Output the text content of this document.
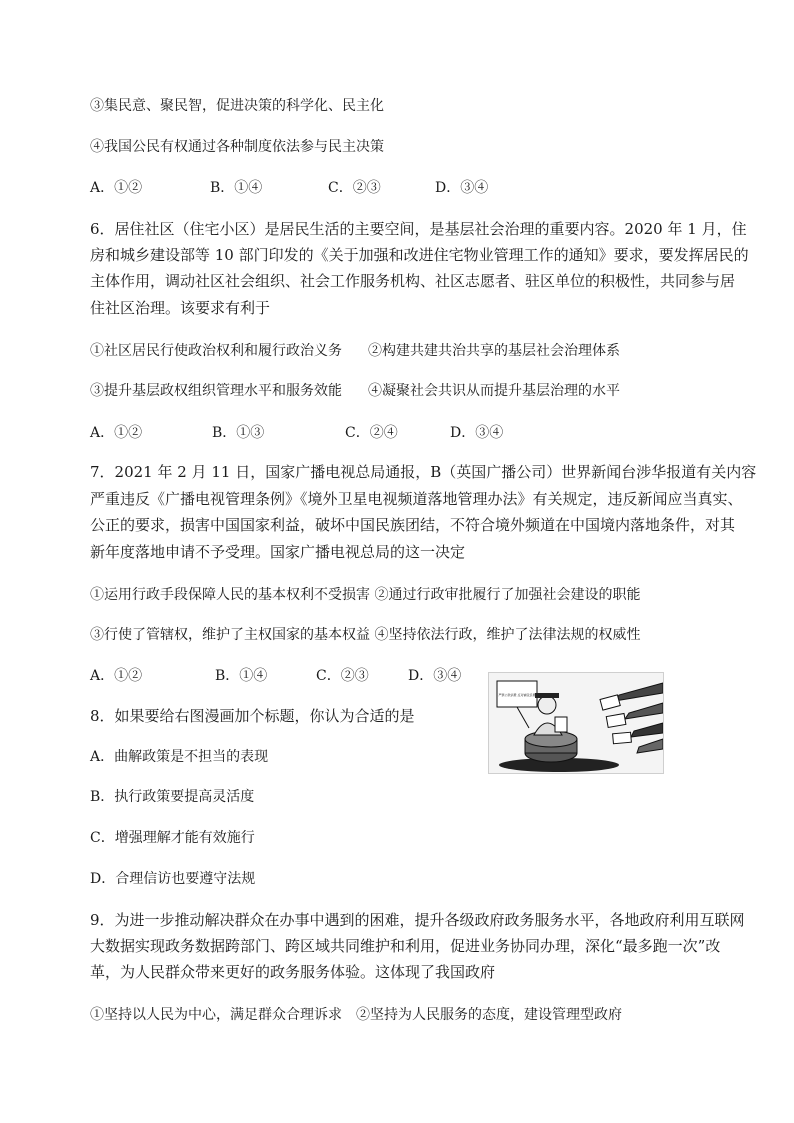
③集民意、聚民智，促进决策的科学化、民主化
④我国公民有权通过各种制度依法参与民主决策
A．①②	B．①④	C．②③	D．③④
6．居住社区（住宅小区）是居民生活的主要空间，是基层社会治理的重要内容。2020 年 1 月，住
房和城乡建设部等 10 部门印发的《关于加强和改进住宅物业管理工作的通知》要求，要发挥居民的
主体作用，调动社区社会组织、社会工作服务机构、社区志愿者、驻区单位的积极性，共同参与居
住社区治理。该要求有利于
①社区居民行使政治权利和履行政治义务 ②构建共建共治共享的基层社会治理体系
③提升基层政权组织管理水平和服务效能 ④凝聚社会共识从而提升基层治理的水平
A．①②	B．①③	C．②④	D．③④
7．2021 年 2 月 11 日，国家广播电视总局通报，B（英国广播公司）世界新闻台涉华报道有关内容
严重违反《广播电视管理条例》《境外卫星电视频道落地管理办法》有关规定，违反新闻应当真实、
公正的要求，损害中国国家利益，破坏中国民族团结，不符合境外频道在中国境内落地条件，对其
新年度落地申请不予受理。国家广播电视总局的这一决定
①运用行政手段保障人民的基本权利不受损害 ②通过行政审批履行了加强社会建设的职能
③行使了管辖权，维护了主权国家的基本权益 ④坚持依法行政，维护了法律法规的权威性
A．①②	B．①④	C．②③	D．③④
8．如果要给右图漫画加个标题，你认为合适的是
A．曲解政策是不担当的表现
B．执行政策要提高灵活度
C．增强理解才能有效施行
D．合理信访也要遵守法规
严禁公款消费 反对铺张浪费
9．为进一步推动解决群众在办事中遇到的困难，提升各级政府政务服务水平，各地政府利用互联网
大数据实现政务数据跨部门、跨区域共同维护和利用，促进业务协同办理，深化“最多跑一次”改
革，为人民群众带来更好的政务服务体验。这体现了我国政府
①坚持以人民为中心，满足群众合理诉求　②坚持为人民服务的态度，建设管理型政府
